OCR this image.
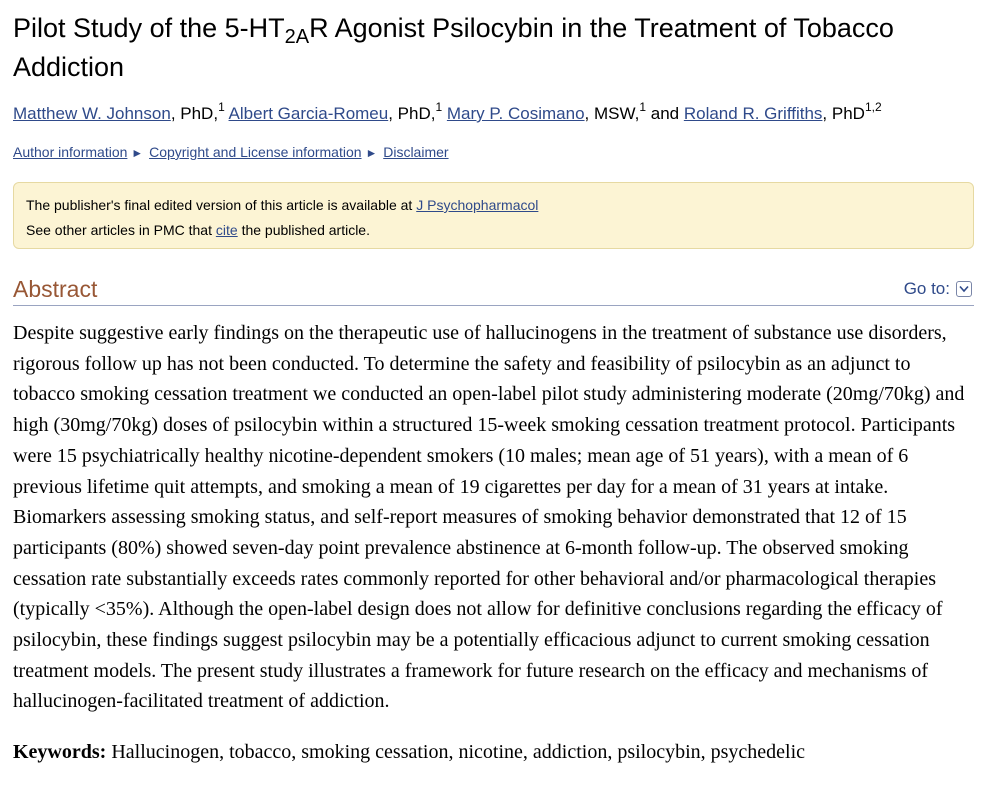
Pilot Study of the $5-HT_{2A}R$ Agonist Psilocybin in the Treatment of Tobacco Addiction
Matthew W. Johnson, PhD,$^1$ Albert Garcia-Romeu, PhD,$^1$ Mary P. Cosimano, MSW,$^1$ and Roland R. Griffiths, PhD$^{1,2}$
Author information ► Copyright and License information ► Disclaimer
The publisher's final edited version of this article is available at J Psychopharmacol
See other articles in PMC that cite the published article.
Abstract	Go to:

Despite suggestive early findings on the therapeutic use of hallucinogens in the treatment of substance use disorders, rigorous follow up has not been conducted. To determine the safety and feasibility of psilocybin as an adjunct to tobacco smoking cessation treatment we conducted an open-label pilot study administering moderate (20mg/70kg) and high (30mg/70kg) doses of psilocybin within a structured 15-week smoking cessation treatment protocol. Participants were 15 psychiatrically healthy nicotine-dependent smokers (10 males; mean age of 51 years), with a mean of 6 previous lifetime quit attempts, and smoking a mean of 19 cigarettes per day for a mean of 31 years at intake. Biomarkers assessing smoking status, and self-report measures of smoking behavior demonstrated that 12 of 15 participants (80%) showed seven-day point prevalence abstinence at 6-month follow-up. The observed smoking cessation rate substantially exceeds rates commonly reported for other behavioral and/or pharmacological therapies (typically <35%). Although the open-label design does not allow for definitive conclusions regarding the efficacy of psilocybin, these findings suggest psilocybin may be a potentially efficacious adjunct to current smoking cessation treatment models. The present study illustrates a framework for future research on the efficacy and mechanisms of hallucinogen-facilitated treatment of addiction.

Keywords: Hallucinogen, tobacco, smoking cessation, nicotine, addiction, psilocybin, psychedelic
